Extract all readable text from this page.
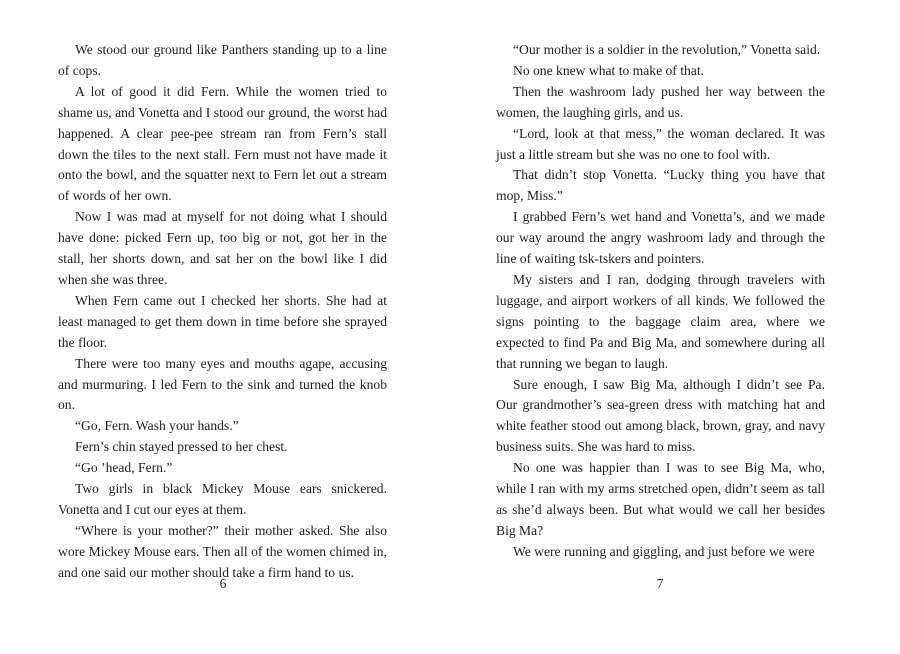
We stood our ground like Panthers standing up to a line of cops.

A lot of good it did Fern. While the women tried to shame us, and Vonetta and I stood our ground, the worst had happened. A clear pee-pee stream ran from Fern’s stall down the tiles to the next stall. Fern must not have made it onto the bowl, and the squatter next to Fern let out a stream of words of her own.

Now I was mad at myself for not doing what I should have done: picked Fern up, too big or not, got her in the stall, her shorts down, and sat her on the bowl like I did when she was three.

When Fern came out I checked her shorts. She had at least managed to get them down in time before she sprayed the floor.

There were too many eyes and mouths agape, accusing and murmuring. I led Fern to the sink and turned the knob on.

“Go, Fern. Wash your hands.”

Fern’s chin stayed pressed to her chest.

“Go ’head, Fern.”

Two girls in black Mickey Mouse ears snickered. Vonetta and I cut our eyes at them.

“Where is your mother?” their mother asked. She also wore Mickey Mouse ears. Then all of the women chimed in, and one said our mother should take a firm hand to us.

6

“Our mother is a soldier in the revolution,” Vonetta said.

No one knew what to make of that.

Then the washroom lady pushed her way between the women, the laughing girls, and us.

“Lord, look at that mess,” the woman declared. It was just a little stream but she was no one to fool with.

That didn’t stop Vonetta. “Lucky thing you have that mop, Miss.”

I grabbed Fern’s wet hand and Vonetta’s, and we made our way around the angry washroom lady and through the line of waiting tsk-tskers and pointers.

My sisters and I ran, dodging through travelers with luggage, and airport workers of all kinds. We followed the signs pointing to the baggage claim area, where we expected to find Pa and Big Ma, and somewhere during all that running we began to laugh.

Sure enough, I saw Big Ma, although I didn’t see Pa. Our grandmother’s sea-green dress with matching hat and white feather stood out among black, brown, gray, and navy business suits. She was hard to miss.

No one was happier than I was to see Big Ma, who, while I ran with my arms stretched open, didn’t seem as tall as she’d always been. But what would we call her besides Big Ma?

We were running and giggling, and just before we were

7
